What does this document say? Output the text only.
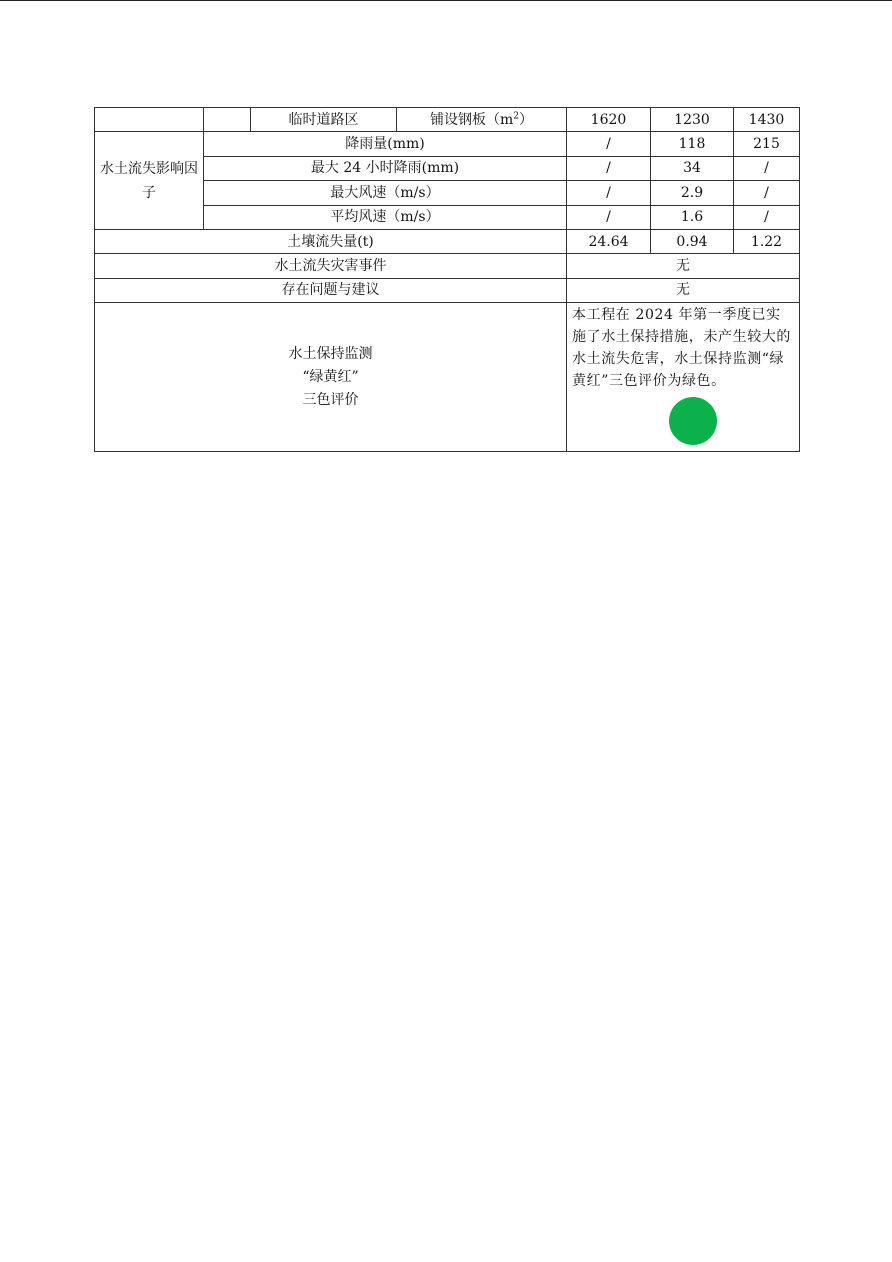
		临时道路区	铺设钢板$(m^2)$	1620	1230	1430
水土流失影响因子	降雨量(mm)			/	118	215
	最大 24 小时降雨(mm)			/	34	/
	最大风速（m/s）			/	2.9	/
	平均风速（m/s）			/	1.6	/
土壤流失量(t)				24.64	0.94	1.22
水土流失灾害事件				无		
存在问题与建议				无		

水土保持监测
“绿黄红”
三色评价				本工程在 2024 年第一季度已实施了水土保持措施，未产生较大的水土流失危害，水土保持监测“绿黄红”三色评价为绿色。		
